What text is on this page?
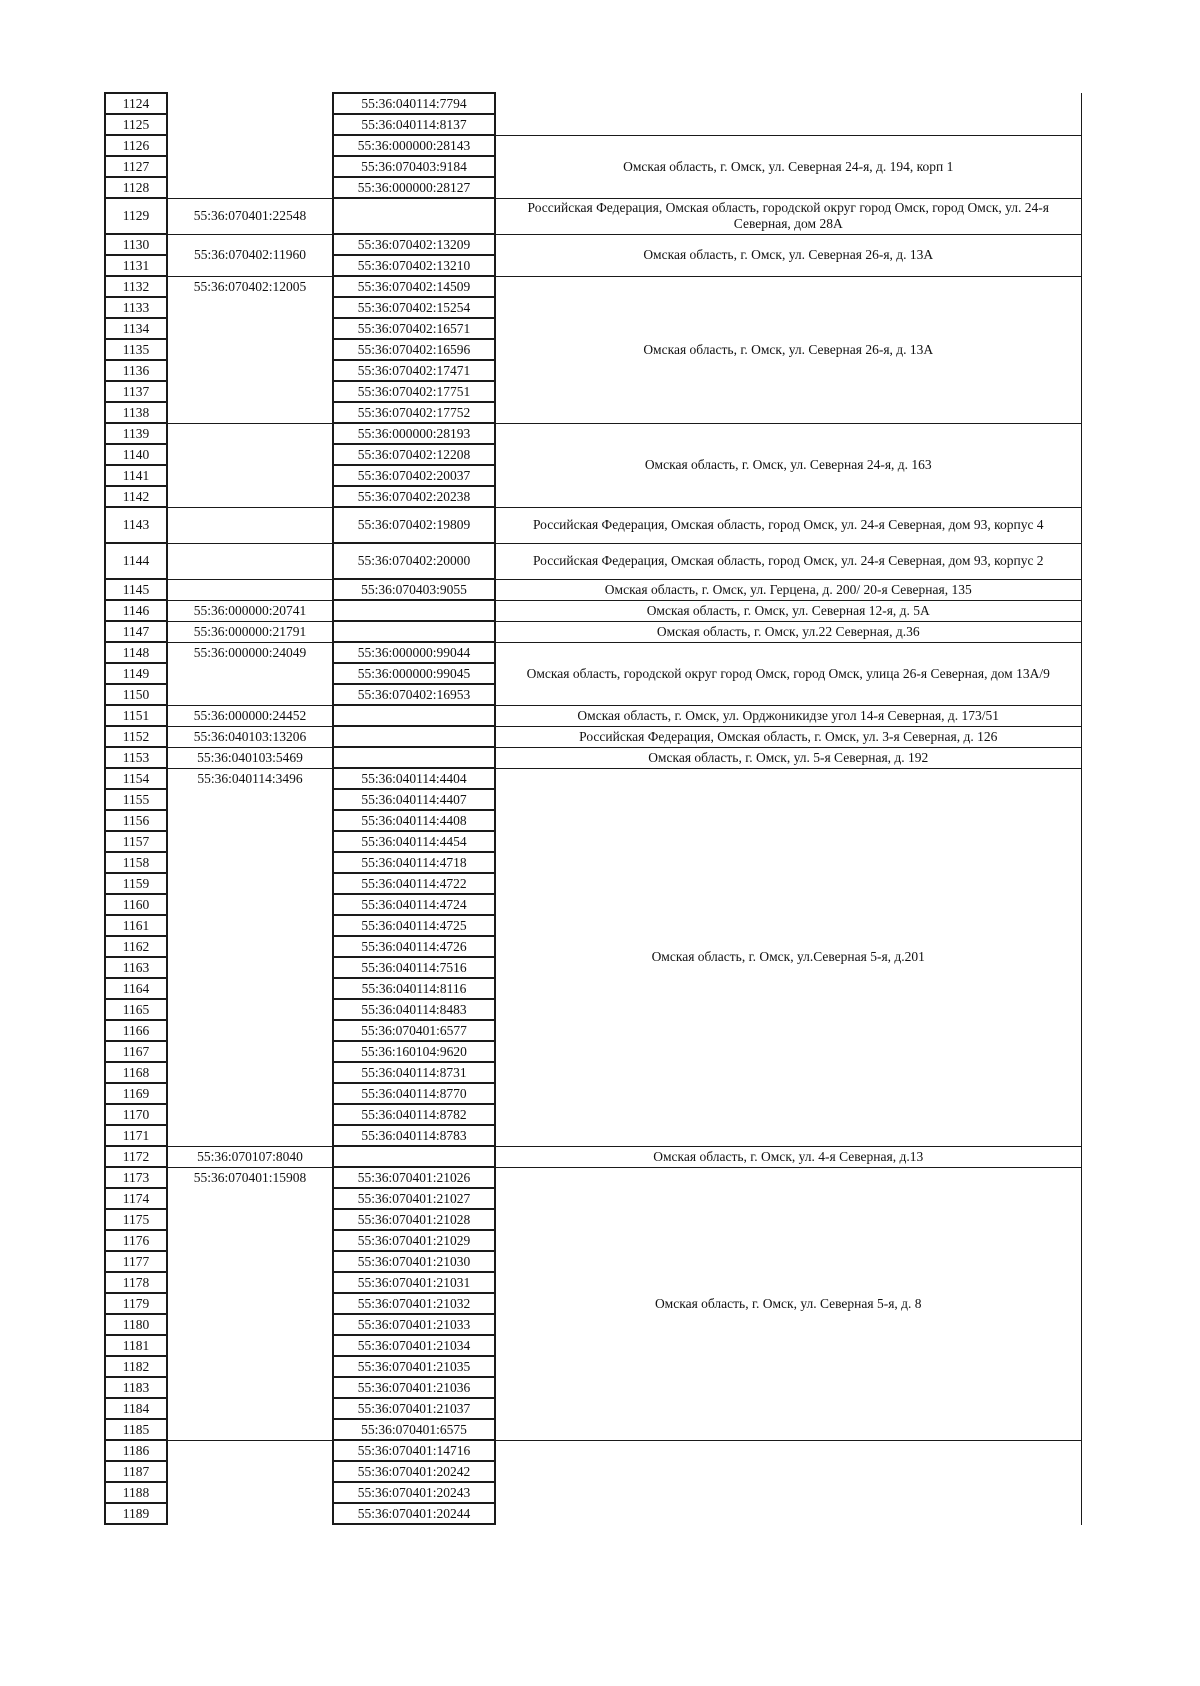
1124		55:36:040114:7794	
1125		55:36:040114:8137	
1126		55:36:000000:28143	Омская область, г. Омск, ул. Северная 24-я, д. 194, корп 1
1127		55:36:070403:9184	
1128		55:36:000000:28127	
1129	55:36:070401:22548		Российская Федерация, Омская область, городской округ город Омск, город Омск, ул. 24-я Северная, дом 28А
1130	55:36:070402:11960	55:36:070402:13209	Омская область, г. Омск, ул. Северная 26-я, д. 13А
1131		55:36:070402:13210	
1132	55:36:070402:12005	55:36:070402:14509	Омская область, г. Омск, ул. Северная 26-я, д. 13А
1133		55:36:070402:15254	
1134		55:36:070402:16571	
1135		55:36:070402:16596	
1136		55:36:070402:17471	
1137		55:36:070402:17751	
1138		55:36:070402:17752	
1139		55:36:000000:28193	Омская область, г. Омск, ул. Северная 24-я, д. 163
1140		55:36:070402:12208	
1141		55:36:070402:20037	
1142		55:36:070402:20238	
1143		55:36:070402:19809	Российская Федерация, Омская область, город Омск, ул. 24-я Северная, дом 93, корпус 4
1144		55:36:070402:20000	Российская Федерация, Омская область, город Омск, ул. 24-я Северная, дом 93, корпус 2
1145		55:36:070403:9055	Омская область, г. Омск, ул. Герцена, д. 200/ 20-я Северная, 135
1146	55:36:000000:20741		Омская область, г. Омск, ул. Северная 12-я, д. 5А
1147	55:36:000000:21791		Омская область, г. Омск, ул.22 Северная, д.36
1148	55:36:000000:24049	55:36:000000:99044	Омская область, городской округ город Омск, город Омск, улица 26-я Северная, дом 13А/9
1149		55:36:000000:99045	
1150		55:36:070402:16953	
1151	55:36:000000:24452		Омская область, г. Омск, ул. Орджоникидзе угол 14-я Северная, д. 173/51
1152	55:36:040103:13206		Российская Федерация, Омская область, г. Омск, ул. 3-я Северная, д. 126
1153	55:36:040103:5469		Омская область, г. Омск, ул. 5-я Северная, д. 192
1154	55:36:040114:3496	55:36:040114:4404	Омская область, г. Омск, ул.Северная 5-я, д.201
1155		55:36:040114:4407	
1156		55:36:040114:4408	
1157		55:36:040114:4454	
1158		55:36:040114:4718	
1159		55:36:040114:4722	
1160		55:36:040114:4724	
1161		55:36:040114:4725	
1162		55:36:040114:4726	
1163		55:36:040114:7516	
1164		55:36:040114:8116	
1165		55:36:040114:8483	
1166		55:36:070401:6577	
1167		55:36:160104:9620	
1168		55:36:040114:8731	
1169		55:36:040114:8770	
1170		55:36:040114:8782	
1171		55:36:040114:8783	
1172	55:36:070107:8040		Омская область, г. Омск, ул. 4-я Северная, д.13
1173	55:36:070401:15908	55:36:070401:21026	Омская область, г. Омск, ул. Северная 5-я, д. 8
1174		55:36:070401:21027	
1175		55:36:070401:21028	
1176		55:36:070401:21029	
1177		55:36:070401:21030	
1178		55:36:070401:21031	
1179		55:36:070401:21032	
1180		55:36:070401:21033	
1181		55:36:070401:21034	
1182		55:36:070401:21035	
1183		55:36:070401:21036	
1184		55:36:070401:21037	
1185		55:36:070401:6575	
1186		55:36:070401:14716	
1187		55:36:070401:20242	
1188		55:36:070401:20243	
1189		55:36:070401:20244	
